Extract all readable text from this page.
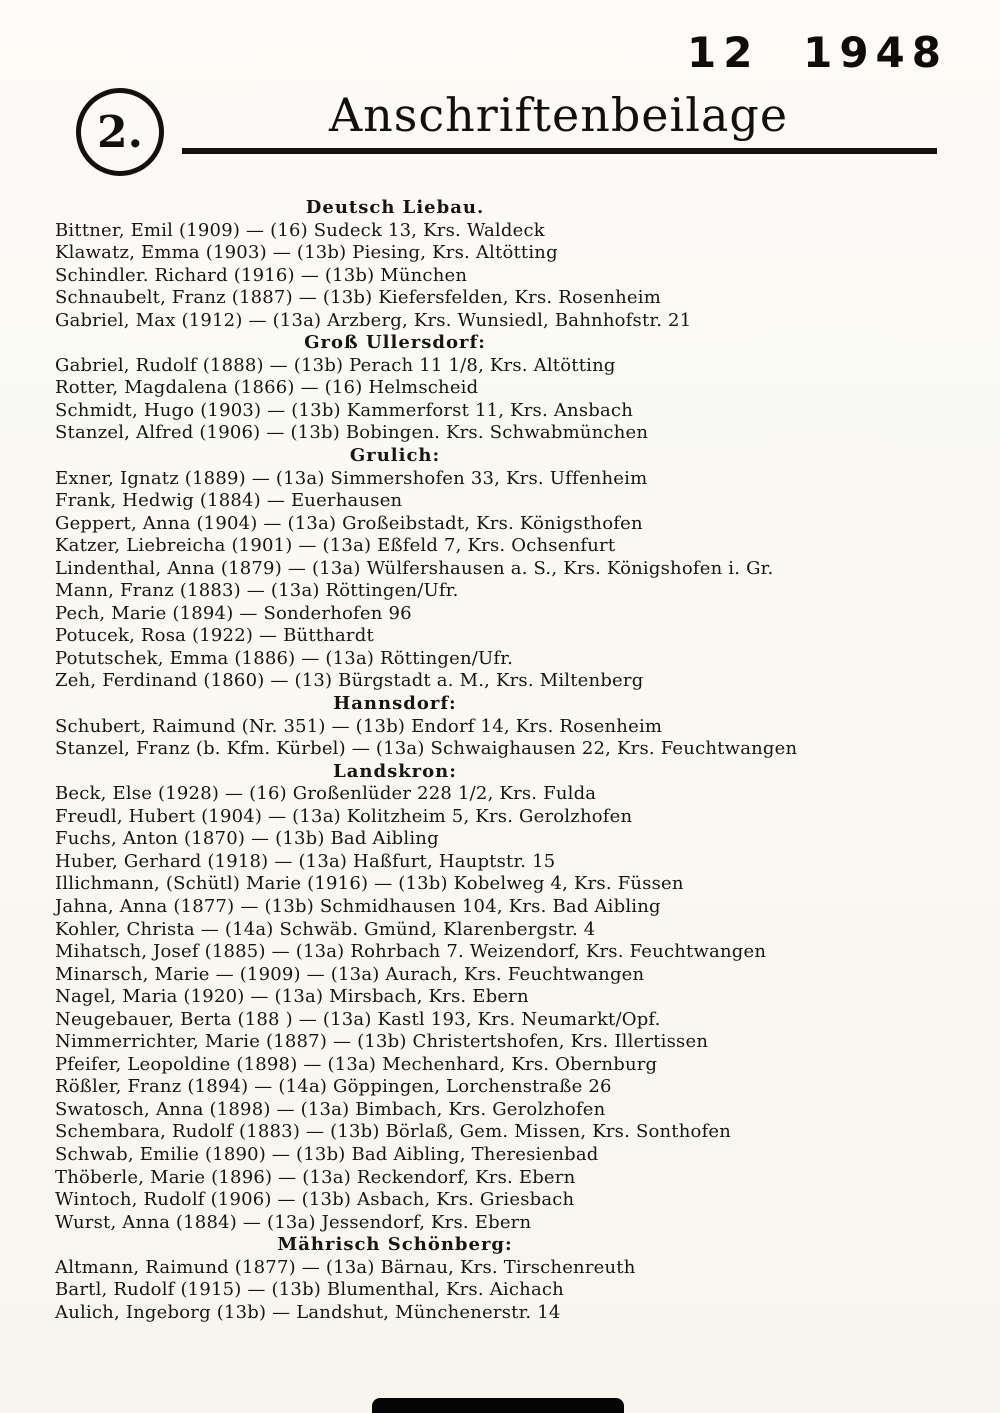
12 1948
2.	Anschriftenbeilage
Deutsch Liebau.
Bittner, Emil (1909) — (16) Sudeck 13, Krs. Waldeck
Klawatz, Emma (1903) — (13b) Piesing, Krs. Altötting
Schindler. Richard (1916) — (13b) München
Schnaubelt, Franz (1887) — (13b) Kiefersfelden, Krs. Rosenheim
Gabriel, Max (1912) — (13a) Arzberg, Krs. Wunsiedl, Bahnhofstr. 21
Groß Ullersdorf:
Gabriel, Rudolf (1888) — (13b) Perach 11 1/8, Krs. Altötting
Rotter, Magdalena (1866) — (16) Helmscheid
Schmidt, Hugo (1903) — (13b) Kammerforst 11, Krs. Ansbach
Stanzel, Alfred (1906) — (13b) Bobingen. Krs. Schwabmünchen
Grulich:
Exner, Ignatz (1889) — (13a) Simmershofen 33, Krs. Uffenheim
Frank, Hedwig (1884) — Euerhausen
Geppert, Anna (1904) — (13a) Großeibstadt, Krs. Königsthofen
Katzer, Liebreicha (1901) — (13a) Eßfeld 7, Krs. Ochsenfurt
Lindenthal, Anna (1879) — (13a) Wülfershausen a. S., Krs. Königshofen i. Gr.
Mann, Franz (1883) — (13a) Röttingen/Ufr.
Pech, Marie (1894) — Sonderhofen 96
Potucek, Rosa (1922) — Bütthardt
Potutschek, Emma (1886) — (13a) Röttingen/Ufr.
Zeh, Ferdinand (1860) — (13) Bürgstadt a. M., Krs. Miltenberg
Hannsdorf:
Schubert, Raimund (Nr. 351) — (13b) Endorf 14, Krs. Rosenheim
Stanzel, Franz (b. Kfm. Kürbel) — (13a) Schwaighausen 22, Krs. Feuchtwangen
Landskron:
Beck, Else (1928) — (16) Großenlüder 228 1/2, Krs. Fulda
Freudl, Hubert (1904) — (13a) Kolitzheim 5, Krs. Gerolzhofen
Fuchs, Anton (1870) — (13b) Bad Aibling
Huber, Gerhard (1918) — (13a) Haßfurt, Hauptstr. 15
Illichmann, (Schütl) Marie (1916) — (13b) Kobelweg 4, Krs. Füssen
Jahna, Anna (1877) — (13b) Schmidhausen 104, Krs. Bad Aibling
Kohler, Christa — (14a) Schwäb. Gmünd, Klarenbergstr. 4
Mihatsch, Josef (1885) — (13a) Rohrbach 7. Weizendorf, Krs. Feuchtwangen
Minarsch, Marie — (1909) — (13a) Aurach, Krs. Feuchtwangen
Nagel, Maria (1920) — (13a) Mirsbach, Krs. Ebern
Neugebauer, Berta (188 ) — (13a) Kastl 193, Krs. Neumarkt/Opf.
Nimmerrichter, Marie (1887) — (13b) Christertshofen, Krs. Illertissen
Pfeifer, Leopoldine (1898) — (13a) Mechenhard, Krs. Obernburg
Rößler, Franz (1894) — (14a) Göppingen, Lorchenstraße 26
Swatosch, Anna (1898) — (13a) Bimbach, Krs. Gerolzhofen
Schembara, Rudolf (1883) — (13b) Börlaß, Gem. Missen, Krs. Sonthofen
Schwab, Emilie (1890) — (13b) Bad Aibling, Theresienbad
Thöberle, Marie (1896) — (13a) Reckendorf, Krs. Ebern
Wintoch, Rudolf (1906) — (13b) Asbach, Krs. Griesbach
Wurst, Anna (1884) — (13a) Jessendorf, Krs. Ebern
Mährisch Schönberg:
Altmann, Raimund (1877) — (13a) Bärnau, Krs. Tirschenreuth
Bartl, Rudolf (1915) — (13b) Blumenthal, Krs. Aichach
Aulich, Ingeborg (13b) — Landshut, Münchenerstr. 14
